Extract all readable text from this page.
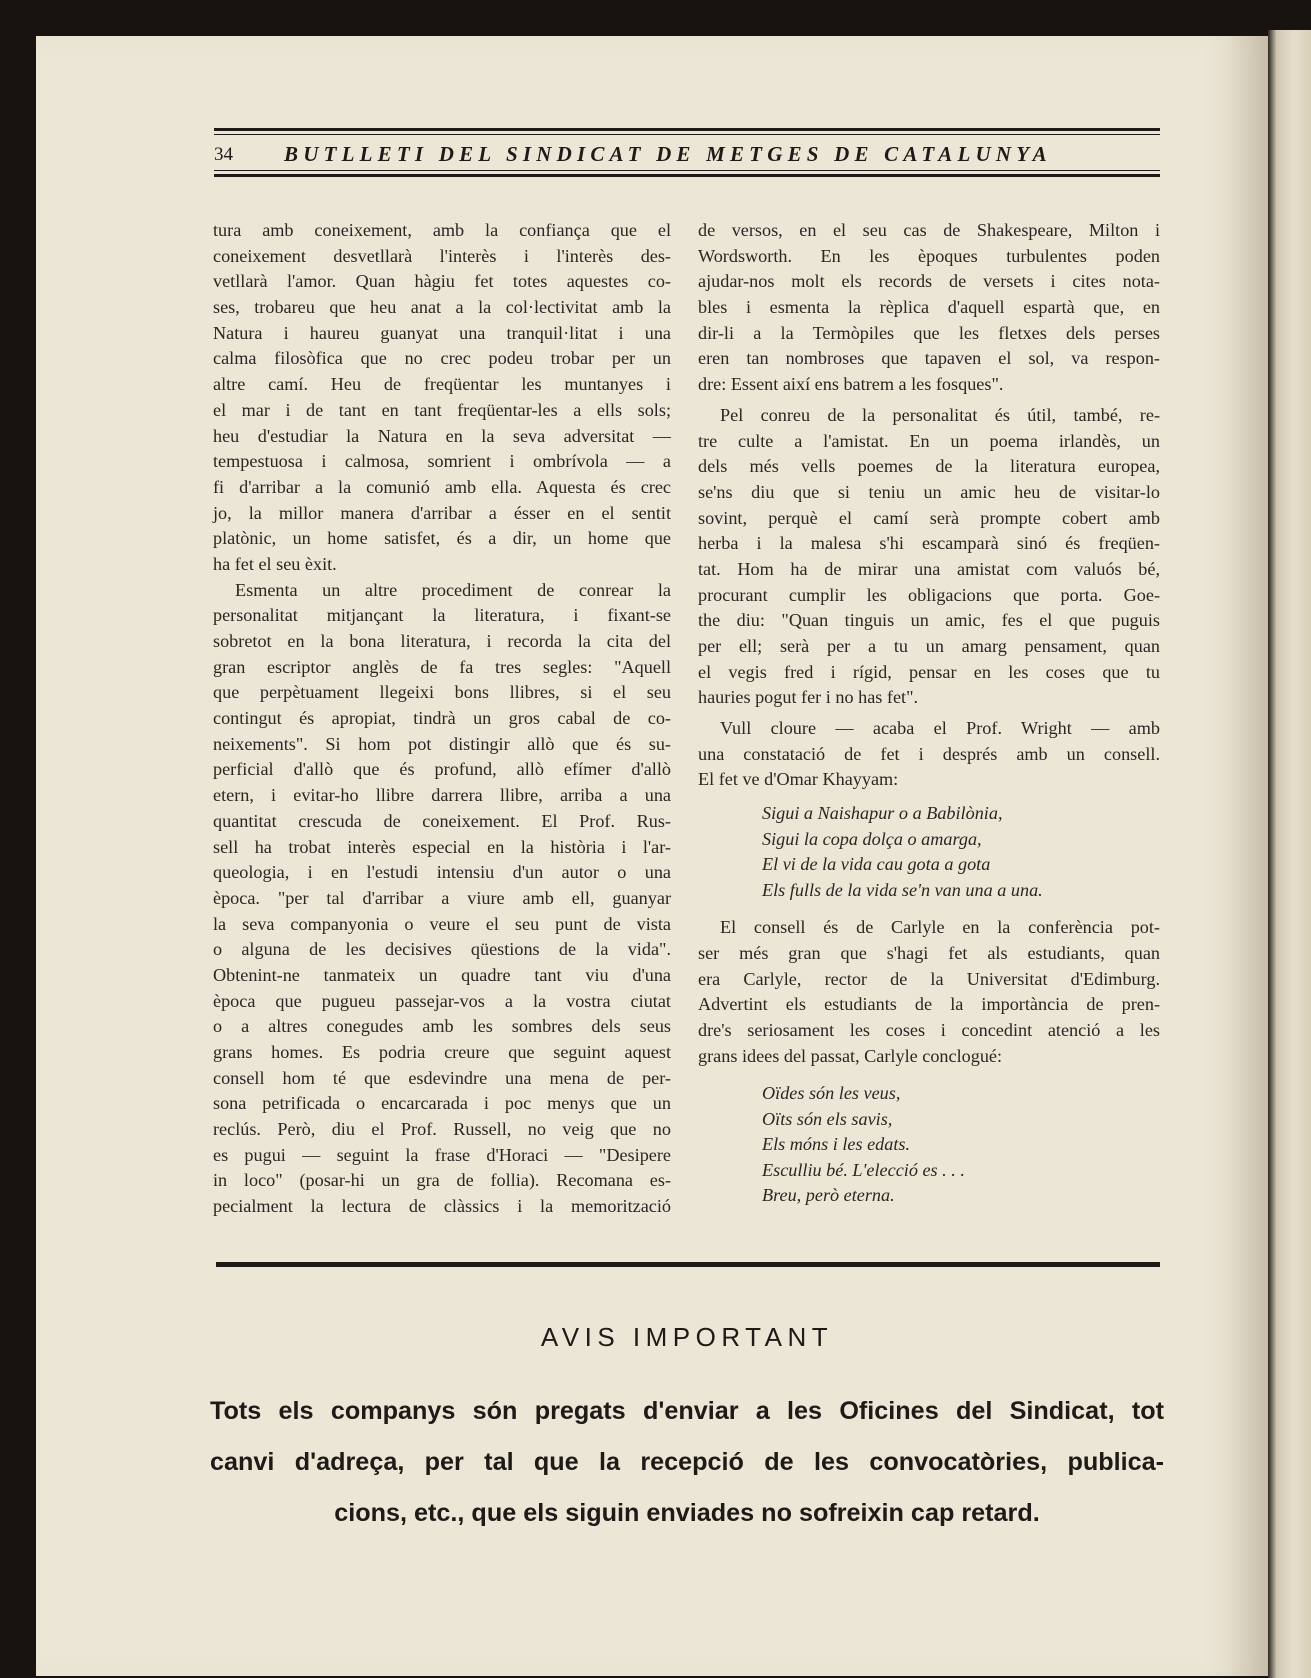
34 BUTLLETI DEL SINDICAT DE METGES DE CATALUNYA
tura amb coneixement, amb la confiança que el
coneixement desvetllarà l'interès i l'interès des-
vetllarà l'amor. Quan hàgiu fet totes aquestes co-
ses, trobareu que heu anat a la col·lectivitat amb la
Natura i haureu guanyat una tranquil·litat i una
calma filosòfica que no crec podeu trobar per un
altre camí. Heu de freqüentar les muntanyes i
el mar i de tant en tant freqüentar-les a ells sols;
heu d'estudiar la Natura en la seva adversitat —
tempestuosa i calmosa, somrient i ombrívola — a
fi d'arribar a la comunió amb ella. Aquesta és crec
jo, la millor manera d'arribar a ésser en el sentit
platònic, un home satisfet, és a dir, un home que
ha fet el seu èxit.
Esmenta un altre procediment de conrear la
personalitat mitjançant la literatura, i fixant-se
sobretot en la bona literatura, i recorda la cita del
gran escriptor anglès de fa tres segles: "Aquell
que perpètuament llegeixi bons llibres, si el seu
contingut és apropiat, tindrà un gros cabal de co-
neixements". Si hom pot distingir allò que és su-
perficial d'allò que és profund, allò efímer d'allò
etern, i evitar-ho llibre darrera llibre, arriba a una
quantitat crescuda de coneixement. El Prof. Rus-
sell ha trobat interès especial en la història i l'ar-
queologia, i en l'estudi intensiu d'un autor o una
època. "per tal d'arribar a viure amb ell, guanyar
la seva companyonia o veure el seu punt de vista
o alguna de les decisives qüestions de la vida".
Obtenint-ne tanmateix un quadre tant viu d'una
època que pugueu passejar-vos a la vostra ciutat
o a altres conegudes amb les sombres dels seus
grans homes. Es podria creure que seguint aquest
consell hom té que esdevindre una mena de per-
sona petrificada o encarcarada i poc menys que un
reclús. Però, diu el Prof. Russell, no veig que no
es pugui — seguint la frase d'Horaci — "Desipere
in loco" (posar-hi un gra de follia). Recomana es-
pecialment la lectura de clàssics i la memorització
de versos, en el seu cas de Shakespeare, Milton i
Wordsworth. En les èpoques turbulentes poden
ajudar-nos molt els records de versets i cites nota-
bles i esmenta la rèplica d'aquell espartà que, en
dir-li a la Termòpiles que les fletxes dels perses
eren tan nombroses que tapaven el sol, va respon-
dre: Essent així ens batrem a les fosques".
Pel conreu de la personalitat és útil, també, re-
tre culte a l'amistat. En un poema irlandès, un
dels més vells poemes de la literatura europea,
se'ns diu que si teniu un amic heu de visitar-lo
sovint, perquè el camí serà prompte cobert amb
herba i la malesa s'hi escamparà sinó és freqüen-
tat. Hom ha de mirar una amistat com valuós bé,
procurant cumplir les obligacions que porta. Goe-
the diu: "Quan tinguis un amic, fes el que puguis
per ell; serà per a tu un amarg pensament, quan
el vegis fred i rígid, pensar en les coses que tu
hauries pogut fer i no has fet".
Vull cloure — acaba el Prof. Wright — amb
una constatació de fet i després amb un consell.
El fet ve d'Omar Khayyam:
Sigui a Naishapur o a Babilònia,
Sigui la copa dolça o amarga,
El vi de la vida cau gota a gota
Els fulls de la vida se'n van una a una.
El consell és de Carlyle en la conferència pot-
ser més gran que s'hagi fet als estudiants, quan
era Carlyle, rector de la Universitat d'Edimburg.
Advertint els estudiants de la importància de pren-
dre's seriosament les coses i concedint atenció a les
grans idees del passat, Carlyle conclogué:
Oïdes són les veus,
Oïts són els savis,
Els móns i les edats.
Esculliu bé. L'elecció es . . .
Breu, però eterna.
AVIS IMPORTANT
Tots els companys són pregats d'enviar a les Oficines del Sindicat, tot
canvi d'adreça, per tal que la recepció de les convocatòries, publica-
cions, etc., que els siguin enviades no sofreixin cap retard.
